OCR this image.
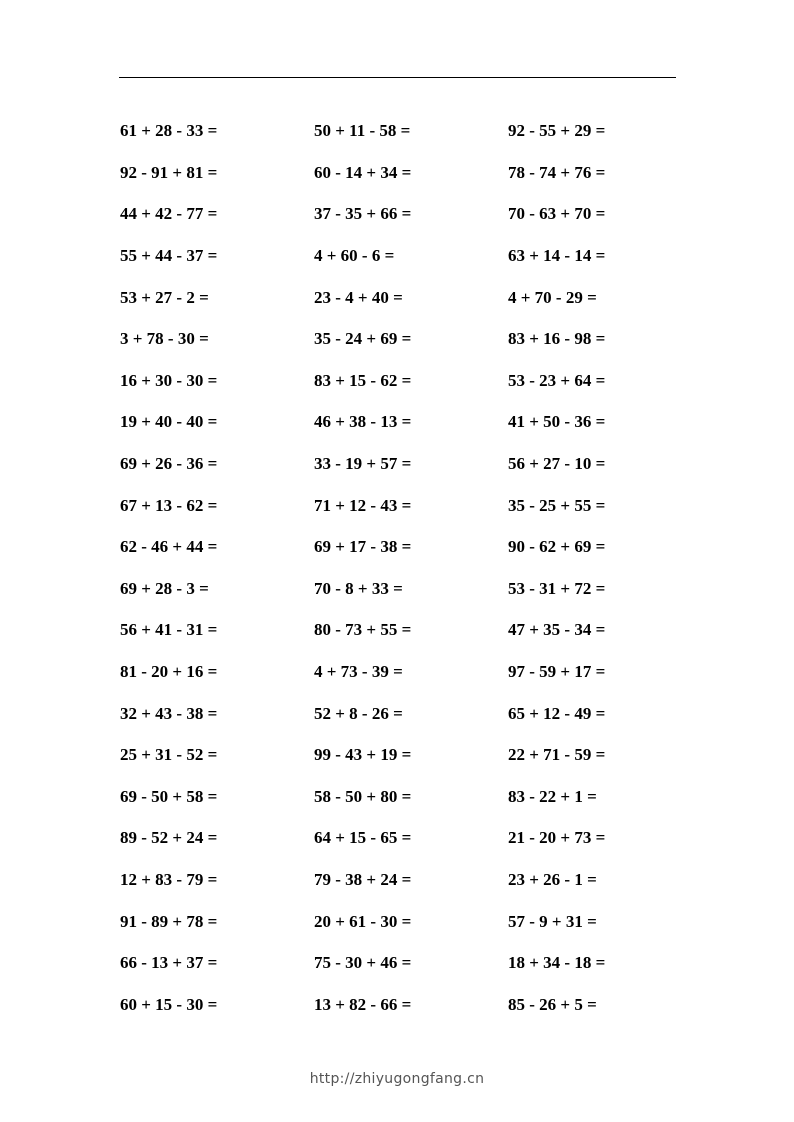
61 + 28 - 33 =	50 + 11 - 58 =	92 - 55 + 29 =
92 - 91 + 81 =	60 - 14 + 34 =	78 - 74 + 76 =
44 + 42 - 77 =	37 - 35 + 66 =	70 - 63 + 70 =
55 + 44 - 37 =	4 + 60 - 6 =	63 + 14 - 14 =
53 + 27 - 2 =	23 - 4 + 40 =	4 + 70 - 29 =
3 + 78 - 30 =	35 - 24 + 69 =	83 + 16 - 98 =
16 + 30 - 30 =	83 + 15 - 62 =	53 - 23 + 64 =
19 + 40 - 40 =	46 + 38 - 13 =	41 + 50 - 36 =
69 + 26 - 36 =	33 - 19 + 57 =	56 + 27 - 10 =
67 + 13 - 62 =	71 + 12 - 43 =	35 - 25 + 55 =
62 - 46 + 44 =	69 + 17 - 38 =	90 - 62 + 69 =
69 + 28 - 3 =	70 - 8 + 33 =	53 - 31 + 72 =
56 + 41 - 31 =	80 - 73 + 55 =	47 + 35 - 34 =
81 - 20 + 16 =	4 + 73 - 39 =	97 - 59 + 17 =
32 + 43 - 38 =	52 + 8 - 26 =	65 + 12 - 49 =
25 + 31 - 52 =	99 - 43 + 19 =	22 + 71 - 59 =
69 - 50 + 58 =	58 - 50 + 80 =	83 - 22 + 1 =
89 - 52 + 24 =	64 + 15 - 65 =	21 - 20 + 73 =
12 + 83 - 79 =	79 - 38 + 24 =	23 + 26 - 1 =
91 - 89 + 78 =	20 + 61 - 30 =	57 - 9 + 31 =
66 - 13 + 37 =	75 - 30 + 46 =	18 + 34 - 18 =
60 + 15 - 30 =	13 + 82 - 66 =	85 - 26 + 5 =
http://zhiyugongfang.cn
